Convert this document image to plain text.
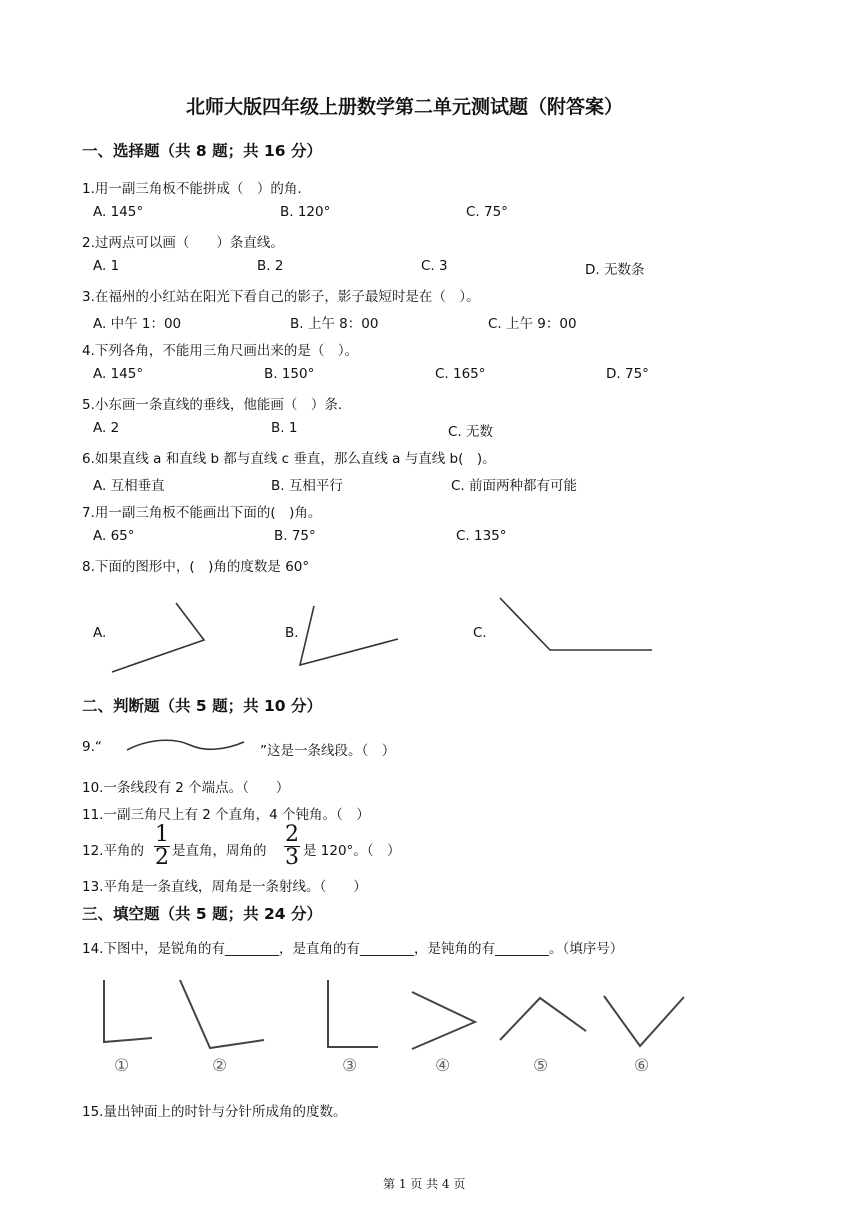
北师大版四年级上册数学第二单元测试题（附答案）
一、选择题（共 8 题；共 16 分）
1.用一副三角板不能拼成（　）的角.
A. 145°	B. 120°	C. 75°
2.过两点可以画（　　）条直线。
A. 1	B. 2	C. 3	D. 无数条
3.在福州的小红站在阳光下看自己的影子，影子最短时是在（　）。
A. 中午 1：00	B. 上午 8：00	C. 上午 9：00
4.下列各角，不能用三角尺画出来的是（　）。
A. 145°	B. 150°	C. 165°	D. 75°
5.小东画一条直线的垂线，他能画（　）条.
A. 2	B. 1	C. 无数
6.如果直线 a 和直线 b 都与直线 c 垂直，那么直线 a 与直线 b(　)。
A. 互相垂直	B. 互相平行	C. 前面两种都有可能
7.用一副三角板不能画出下面的(　)角。
A. 65°	B. 75°	C. 135°
8.下面的图形中，(　)角的度数是 60°
A.	B.	C.
二、判断题（共 5 题；共 10 分）
9.“	”这是一条线段。（　）
10.一条线段有 2 个端点。（　　）
11.一副三角尺上有 2 个直角，4 个钝角。（　）
12.平角的
1
2 是直角，周角的
2
3 是 120°。（　）
13.平角是一条直线，周角是一条射线。（　　）
三、填空题（共 5 题；共 24 分）
14.下图中，是锐角的有________，是直角的有________，是钝角的有________。（填序号）
①	②	③	④	⑤	⑥
15.量出钟面上的时针与分针所成角的度数。
第 1 页 共 4 页
